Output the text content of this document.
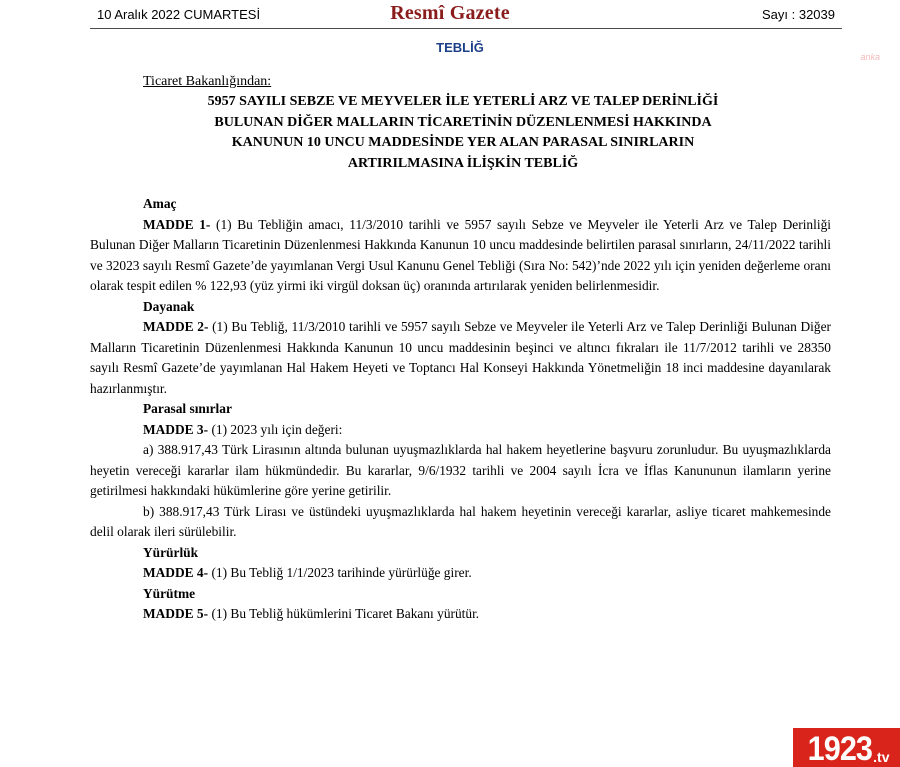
10 Aralık 2022 CUMARTESİ	Resmî Gazete	Sayı : 32039
TEBLİĞ
anka
Ticaret Bakanlığından:
5957 SAYILI SEBZE VE MEYVELER İLE YETERLİ ARZ VE TALEP DERİNLİĞİ
BULUNAN DİĞER MALLARIN TİCARETİNİN DÜZENLENMESİ HAKKINDA
KANUNUN 10 UNCU MADDESİNDE YER ALAN PARASAL SINIRLARIN
ARTIRILMASINA İLİŞKİN TEBLİĞ
Amaç

MADDE 1- (1) Bu Tebliğin amacı, 11/3/2010 tarihli ve 5957 sayılı Sebze ve Meyveler ile Yeterli Arz ve Talep Derinliği Bulunan Diğer Malların Ticaretinin Düzenlenmesi Hakkında Kanunun 10 uncu maddesinde belirtilen parasal sınırların, 24/11/2022 tarihli ve 32023 sayılı Resmî Gazete’de yayımlanan Vergi Usul Kanunu Genel Tebliği (Sıra No: 542)’nde 2022 yılı için yeniden değerleme oranı olarak tespit edilen % 122,93 (yüz yirmi iki virgül doksan üç) oranında artırılarak yeniden belirlenmesidir.

Dayanak

MADDE 2- (1) Bu Tebliğ, 11/3/2010 tarihli ve 5957 sayılı Sebze ve Meyveler ile Yeterli Arz ve Talep Derinliği Bulunan Diğer Malların Ticaretinin Düzenlenmesi Hakkında Kanunun 10 uncu maddesinin beşinci ve altıncı fıkraları ile 11/7/2012 tarihli ve 28350 sayılı Resmî Gazete’de yayımlanan Hal Hakem Heyeti ve Toptancı Hal Konseyi Hakkında Yönetmeliğin 18 inci maddesine dayanılarak hazırlanmıştır.

Parasal sınırlar

MADDE 3- (1) 2023 yılı için değeri:

a) 388.917,43 Türk Lirasının altında bulunan uyuşmazlıklarda hal hakem heyetlerine başvuru zorunludur. Bu uyuşmazlıklarda heyetin vereceği kararlar ilam hükmündedir. Bu kararlar, 9/6/1932 tarihli ve 2004 sayılı İcra ve İflas Kanununun ilamların yerine getirilmesi hakkındaki hükümlerine göre yerine getirilir.

b) 388.917,43 Türk Lirası ve üstündeki uyuşmazlıklarda hal hakem heyetinin vereceği kararlar, asliye ticaret mahkemesinde delil olarak ileri sürülebilir.

Yürürlük

MADDE 4- (1) Bu Tebliğ 1/1/2023 tarihinde yürürlüğe girer.

Yürütme

MADDE 5- (1) Bu Tebliğ hükümlerini Ticaret Bakanı yürütür.

1923 .tv
